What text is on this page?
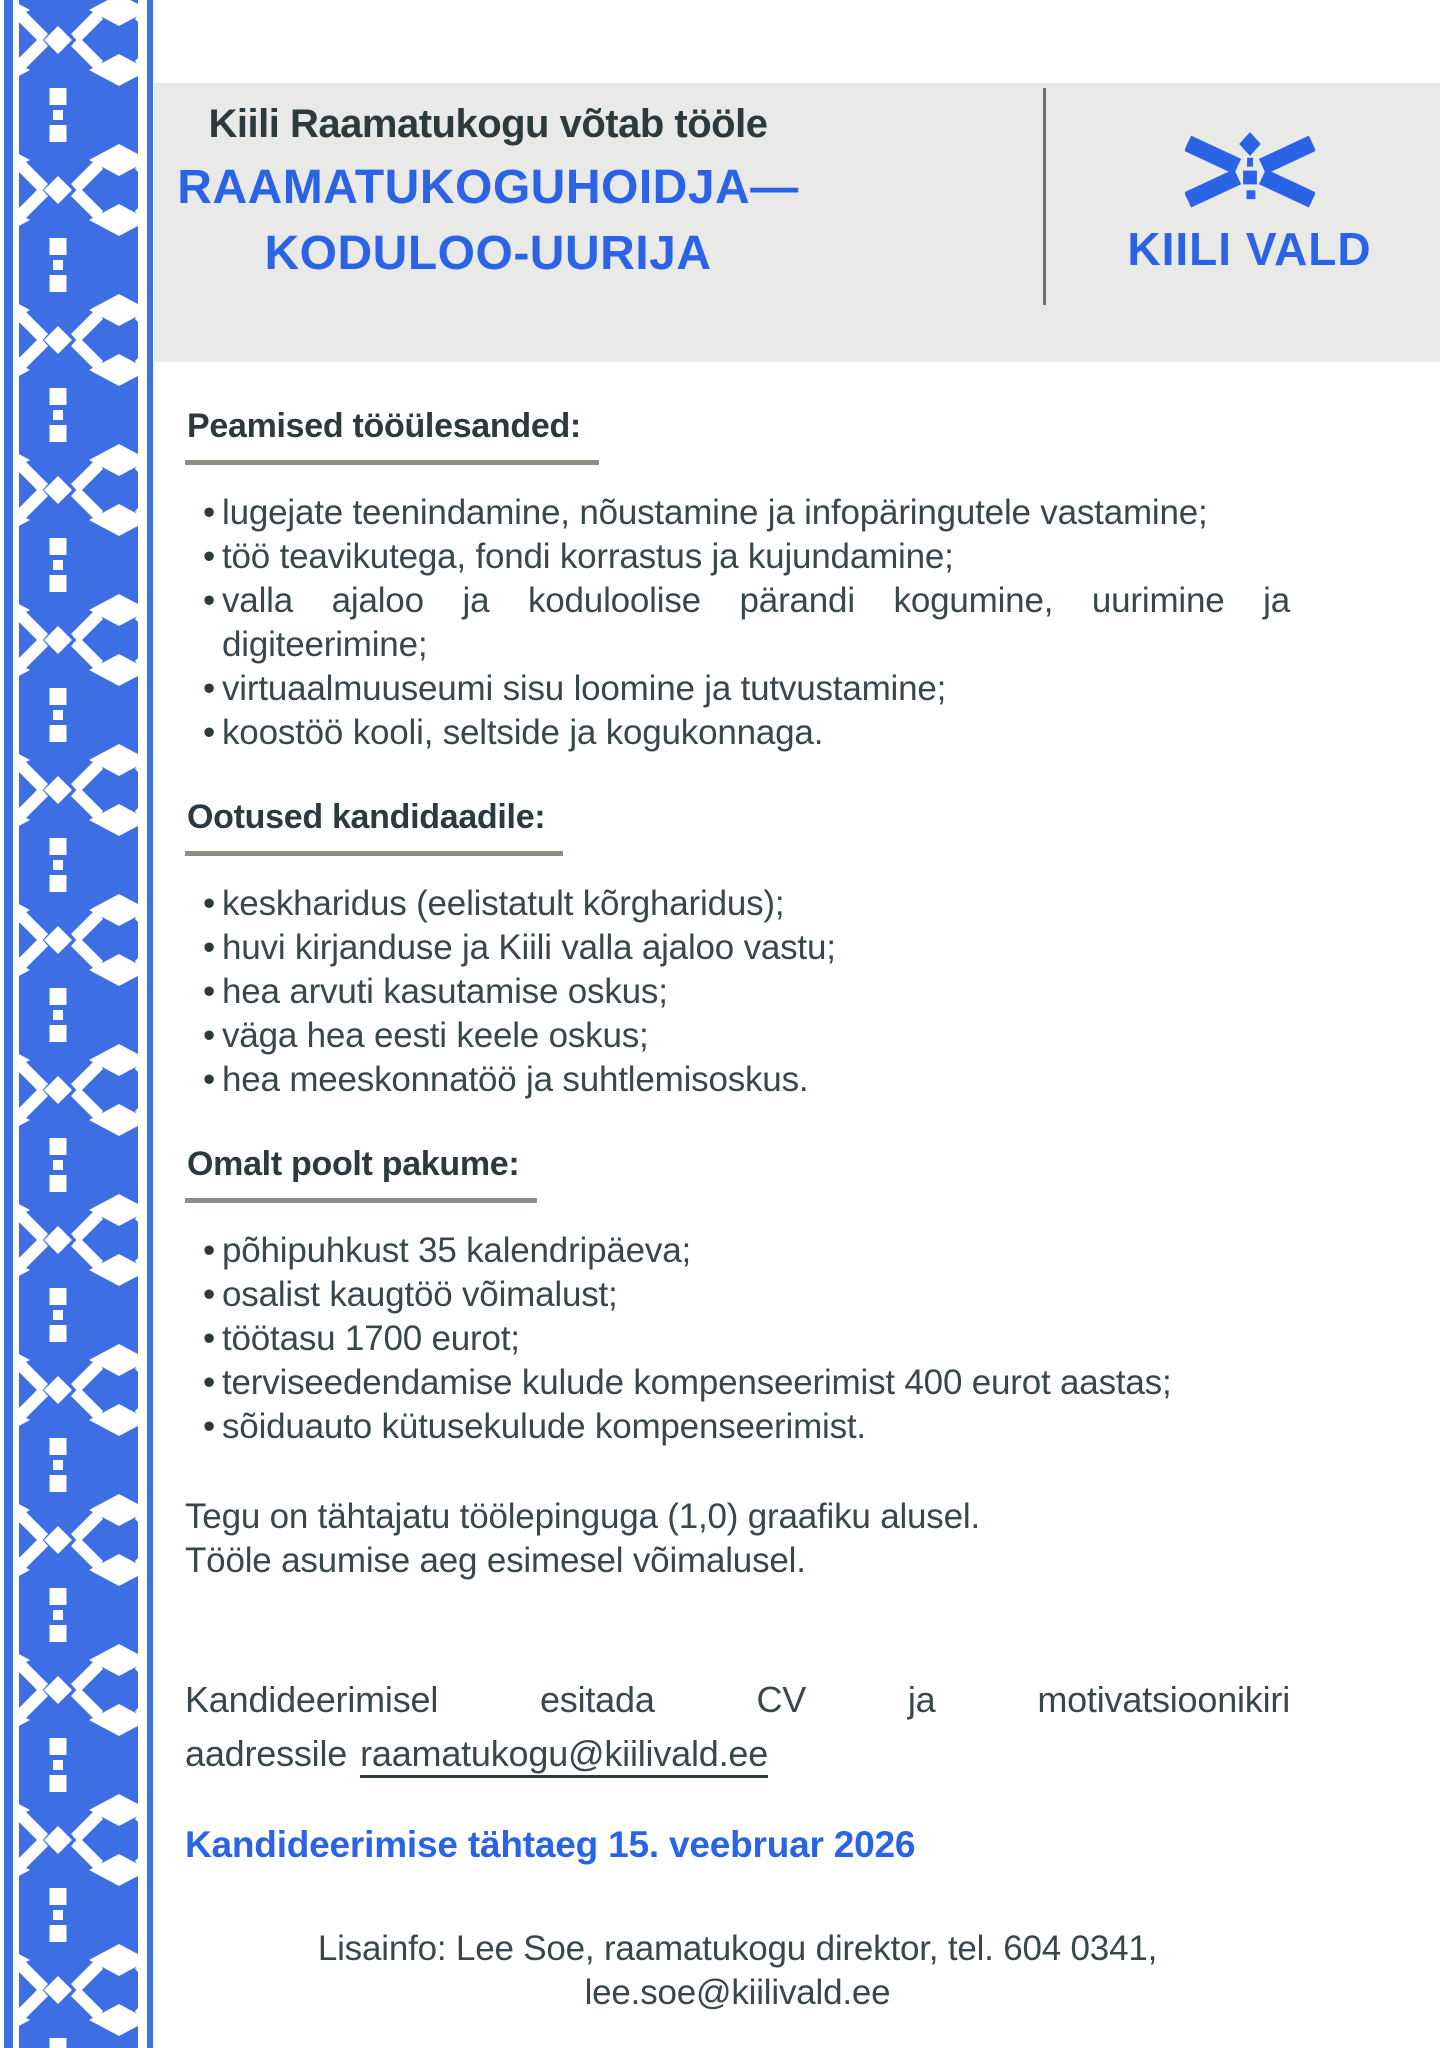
Kiili Raamatukogu võtab tööle
RAAMATUKOGUHOIDJA—
KODULOO-UURIJA	KIILI VALD
Peamised tööülesanded:
• lugejate teenindamine, nõustamine ja infopäringutele vastamine;
• töö teavikutega, fondi korrastus ja kujundamine;
• valla ajaloo ja koduloolise pärandi kogumine, uurimine ja digiteerimine;
• virtuaalmuuseumi sisu loomine ja tutvustamine;
• koostöö kooli, seltside ja kogukonnaga.
Ootused kandidaadile:
• keskharidus (eelistatult kõrgharidus);
• huvi kirjanduse ja Kiili valla ajaloo vastu;
• hea arvuti kasutamise oskus;
• väga hea eesti keele oskus;
• hea meeskonnatöö ja suhtlemisoskus.
Omalt poolt pakume:
• põhipuhkust 35 kalendripäeva;
• osalist kaugtöö võimalust;
• töötasu 1700 eurot;
• terviseedendamise kulude kompenseerimist 400 eurot aastas;
• sõiduauto kütusekulude kompenseerimist.
Tegu on tähtajatu töölepinguga (1,0) graafiku alusel.
Tööle asumise aeg esimesel võimalusel.

Kandideerimisel esitada CV ja motivatsioonikiri

aadressile raamatukogu@kiilivald.ee

Kandideerimise tähtaeg 15. veebruar 2026
Lisainfo: Lee Soe, raamatukogu direktor, tel. 604 0341,
lee.soe@kiilivald.ee
